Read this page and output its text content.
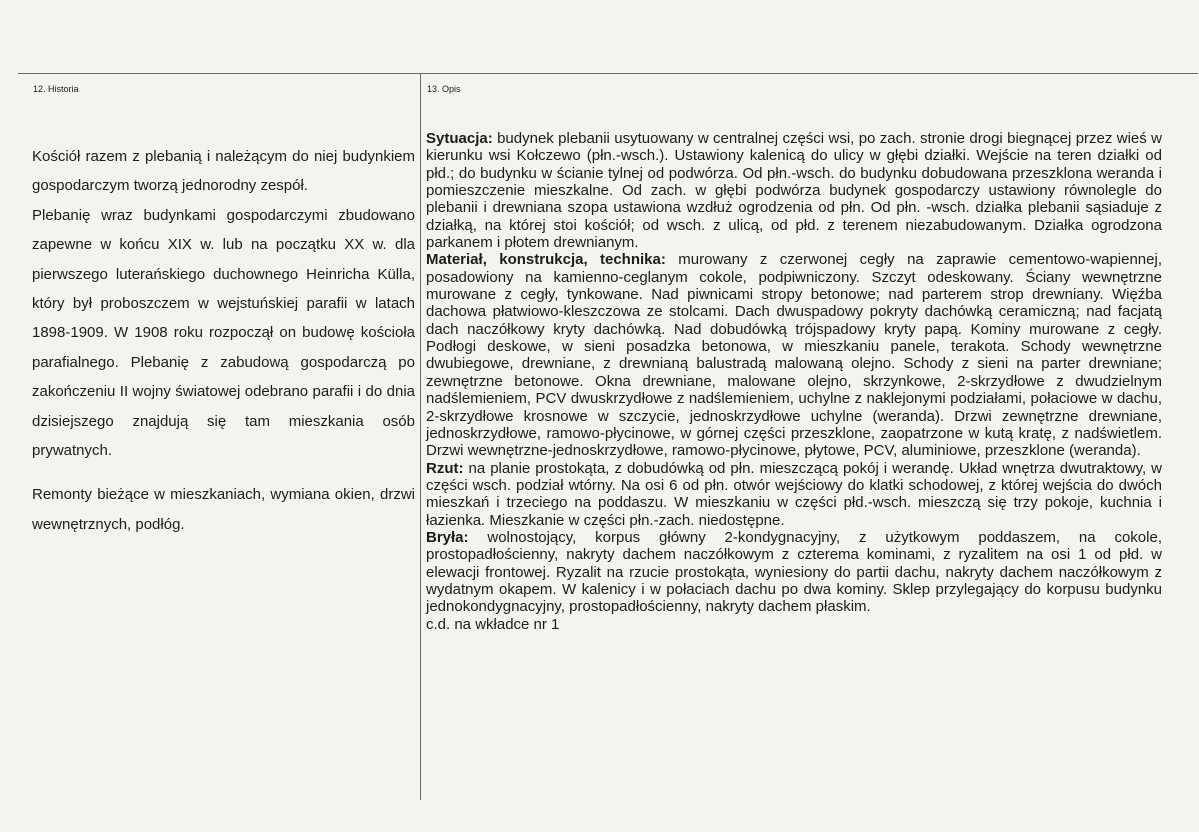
12. Historia	13. Opis

Kościół razem z plebanią i należącym do niej budynkiem gospodarczym tworzą jednorodny zespół.

Plebanię wraz budynkami gospodarczymi zbudowano zapewne w końcu XIX w. lub na początku XX w. dla pierwszego luterańskiego duchownego Heinricha Külla, który był proboszczem w wejstuńskiej parafii w latach 1898-1909. W 1908 roku rozpoczął on budowę kościoła parafialnego. Plebanię z zabudową gospodarczą po zakończeniu II wojny światowej odebrano parafii i do dnia dzisiejszego znajdują się tam mieszkania osób prywatnych.

Remonty bieżące w mieszkaniach, wymiana okien, drzwi wewnętrznych, podłóg.

Sytuacja: budynek plebanii usytuowany w centralnej części wsi, po zach. stronie drogi biegnącej przez wieś w kierunku wsi Kołczewo (płn.-wsch.). Ustawiony kalenicą do ulicy w głębi działki. Wejście na teren działki od płd.; do budynku w ścianie tylnej od podwórza. Od płn.-wsch. do budynku dobudowana przeszklona weranda i pomieszczenie mieszkalne. Od zach. w głębi podwórza budynek gospodarczy ustawiony równolegle do plebanii i drewniana szopa ustawiona wzdłuż ogrodzenia od płn. Od płn. -wsch. działka plebanii sąsiaduje z działką, na której stoi kościół; od wsch. z ulicą, od płd. z terenem niezabudowanym. Działka ogrodzona parkanem i płotem drewnianym.

Materiał, konstrukcja, technika: murowany z czerwonej cegły na zaprawie cementowo-wapiennej, posadowiony na kamienno-ceglanym cokole, podpiwniczony. Szczyt odeskowany. Ściany wewnętrzne murowane z cegły, tynkowane. Nad piwnicami stropy betonowe; nad parterem strop drewniany. Więźba dachowa płatwiowo-kleszczowa ze stolcami. Dach dwuspadowy pokryty dachówką ceramiczną; nad facjatą dach naczółkowy kryty dachówką. Nad dobudówką trójspadowy kryty papą. Kominy murowane z cegły. Podłogi deskowe, w sieni posadzka betonowa, w mieszkaniu panele, terakota. Schody wewnętrzne dwubiegowe, drewniane, z drewnianą balustradą malowaną olejno. Schody z sieni na parter drewniane; zewnętrzne betonowe. Okna drewniane, malowane olejno, skrzynkowe, 2-skrzydłowe z dwudzielnym nadślemieniem, PCV dwuskrzydłowe z nadślemieniem, uchylne z naklejonymi podziałami, połaciowe w dachu, 2-skrzydłowe krosnowe w szczycie, jednoskrzydłowe uchylne (weranda). Drzwi zewnętrzne drewniane, jednoskrzydłowe, ramowo-płycinowe, w górnej części przeszklone, zaopatrzone w kutą kratę, z nadświetlem. Drzwi wewnętrzne-jednoskrzydłowe, ramowo-płycinowe, płytowe, PCV, aluminiowe, przeszklone (weranda).

Rzut: na planie prostokąta, z dobudówką od płn. mieszczącą pokój i werandę. Układ wnętrza dwutraktowy, w części wsch. podział wtórny. Na osi 6 od płn. otwór wejściowy do klatki schodowej, z której wejścia do dwóch mieszkań i trzeciego na poddaszu. W mieszkaniu w części płd.-wsch. mieszczą się trzy pokoje, kuchnia i łazienka. Mieszkanie w części płn.-zach. niedostępne.

Bryła: wolnostojący, korpus główny 2-kondygnacyjny, z użytkowym poddaszem, na cokole, prostopadłościenny, nakryty dachem naczółkowym z czterema kominami, z ryzalitem na osi 1 od płd. w elewacji frontowej. Ryzalit na rzucie prostokąta, wyniesiony do partii dachu, nakryty dachem naczółkowym z wydatnym okapem. W kalenicy i w połaciach dachu po dwa kominy. Sklep przylegający do korpusu budynku jednokondygnacyjny, prostopadłościenny, nakryty dachem płaskim.

c.d. na wkładce nr 1
